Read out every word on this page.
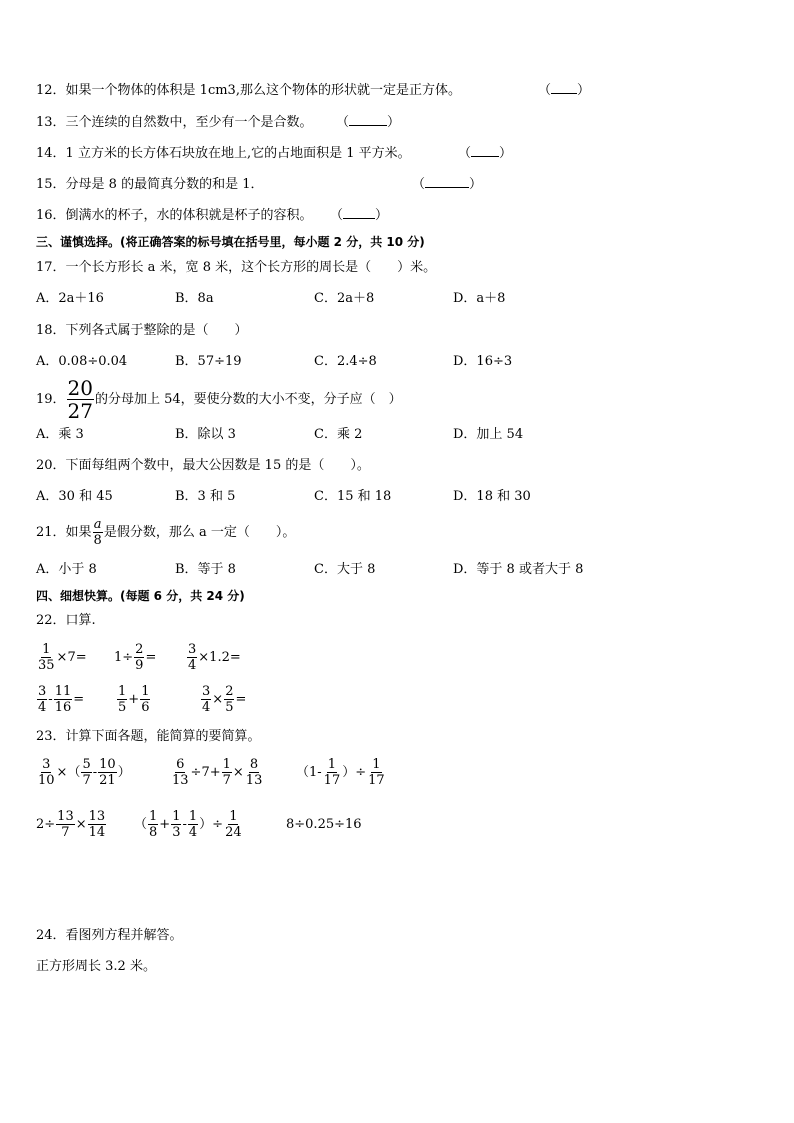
12．如果一个物体的体积是 1cm3,那么这个物体的形状就一定是正方体。	（ ）
13．三个连续的自然数中，至少有一个是合数。 （	）
14．1 立方米的长方体石块放在地上,它的占地面积是 1 平方米。	（ ）
15．分母是 8 的最简真分数的和是 1．	（	）
16．倒满水的杯子，水的体积就是杯子的容积。 （ ）
三、谨慎选择。(将正确答案的标号填在括号里，每小题 2 分，共 10 分)
17．一个长方形长 a 米，宽 8 米，这个长方形的周长是（　　）米。
A．2a＋16	B．8a	C．2a＋8	D．a＋8
18．下列各式属于整除的是（　　）
A．0.08÷0.04	B．57÷19	C．2.4÷8	D．16÷3
19． $\frac{20}{27}$ 的分母加上 54，要使分数的大小不变，分子应（　）
A．乘 3	B．除以 3	C．乘 2	D．加上 54
20．下面每组两个数中，最大公因数是 15 的是（　　）。
A．30 和 45	B．3 和 5	C．15 和 18	D．18 和 30
21．如果 $\frac{a}{8}$ 是假分数，那么 a 一定（　　）。
A．小于 8	B．等于 8	C．大于 8	D．等于 8 或者大于 8
四、细想快算。(每题 6 分，共 24 分)
22．口算.
$\frac{1}{35} \times 7= 1\div \frac{2}{9} = \frac{3}{4} \times 1.2=$
$\frac{3}{4} - \frac{11}{16}$ =	$\frac{1}{5} + \frac{1}{6}$	$\frac{3}{4} \times \frac{2}{5}$ =
23．计算下面各题，能简算的要简算。
$\frac{3}{10}$ ×（ $\frac{5}{7} - \frac{10}{21}$ ）	$\frac{6}{13} \div 7+ \frac{1}{7} \times \frac{8}{13}$	（$1- \frac{1}{17}$ ）÷ $\frac{1}{17}$
$2\div \frac{13}{7} \times \frac{13}{14}$ （ $\frac{1}{8} + \frac{1}{3} - \frac{1}{4}$ ）÷ $\frac{1}{24}$	8÷0.25÷16
24．看图列方程并解答。
正方形周长 3.2 米。
